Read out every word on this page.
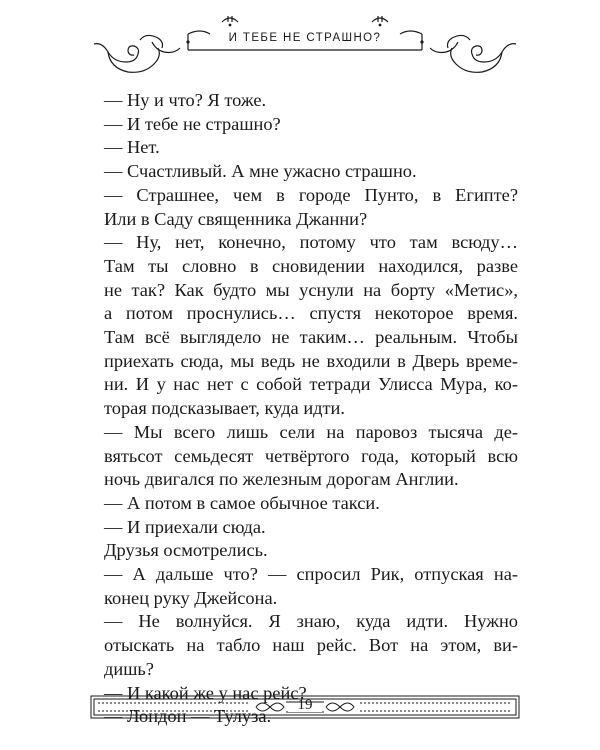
И ТЕБЕ НЕ СТРАШНО?

— Ну и что? Я тоже.

— И тебе не страшно?

— Нет.

— Счастливый. А мне ужасно страшно.

— Страшнее, чем в городе Пунто, в Египте?
Или в Саду священника Джанни?

— Ну, нет, конечно, потому что там всюду…
Там ты словно в сновидении находился, разве
не так? Как будто мы уснули на борту «Метис»,
а потом проснулись… спустя некоторое время.
Там всё выглядело не таким… реальным. Чтобы
приехать сюда, мы ведь не входили в Дверь време-
ни. И у нас нет с собой тетради Улисса Мура, ко-
торая подсказывает, куда идти.

— Мы всего лишь сели на паровоз тысяча де-
вятьсот семьдесят четвёртого года, который всю
ночь двигался по железным дорогам Англии.

— А потом в самое обычное такси.

— И приехали сюда.

Друзья осмотрелись.

— А дальше что? — спросил Рик, отпуская на-
конец руку Джейсона.

— Не волнуйся. Я знаю, куда идти. Нужно
отыскать на табло наш рейс. Вот на этом, ви-
дишь?

— И какой же у нас рейс?

— Лондон — Тулуза.

19
